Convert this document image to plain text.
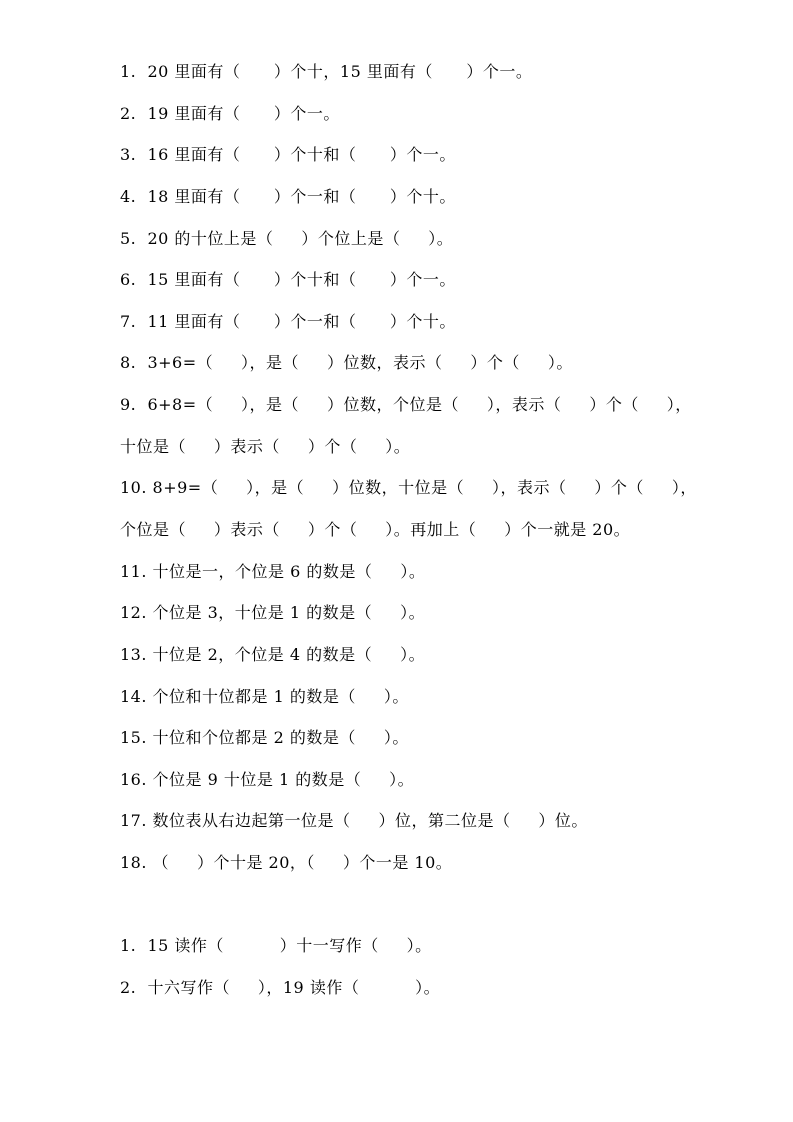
1.  20 里面有（      ）个十，15 里面有（      ）个一。
2.  19 里面有（      ）个一。
3.  16 里面有（      ）个十和（      ）个一。
4.  18 里面有（      ）个一和（      ）个十。
5.  20 的十位上是（     ）个位上是（     ）。
6.  15 里面有（      ）个十和（      ）个一。
7.  11 里面有（      ）个一和（      ）个十。
8.  3+6=（     ），是（     ）位数，表示（     ）个（     ）。
9.  6+8=（     ），是（     ）位数，个位是（     ），表示（     ）个（     ），
十位是（     ）表示（     ）个（     ）。
10. 8+9=（     ），是（     ）位数，十位是（     ），表示（     ）个（     ），
个位是（     ）表示（     ）个（     ）。再加上（     ）个一就是 20。
11. 十位是一，个位是 6 的数是（     ）。
12. 个位是 3，十位是 1 的数是（     ）。
13. 十位是 2，个位是 4 的数是（     ）。
14. 个位和十位都是 1 的数是（     ）。
15. 十位和个位都是 2 的数是（     ）。
16. 个位是 9 十位是 1 的数是（     ）。
17. 数位表从右边起第一位是（     ）位，第二位是（     ）位。
18. （     ）个十是 20，（     ）个一是 10。
1.  15 读作（          ）十一写作（     ）。
2.  十六写作（     ），19 读作（          ）。
